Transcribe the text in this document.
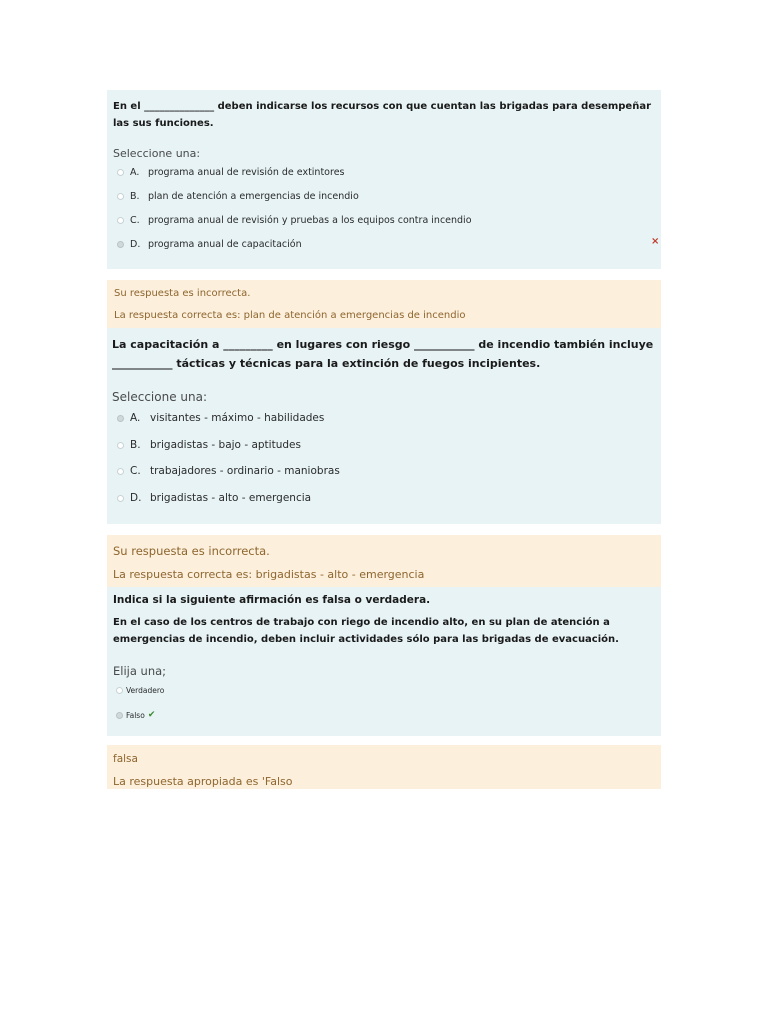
En el ______________ deben indicarse los recursos con que cuentan las brigadas para desempeñar las sus funciones.

Seleccione una:

A. programa anual de revisión de extintores
B. plan de atención a emergencias de incendio
C. programa anual de revisión y pruebas a los equipos contra incendio
D. programa anual de capacitación	×

Su respuesta es incorrecta.

La respuesta correcta es: plan de atención a emergencias de incendio

La capacitación a _________ en lugares con riesgo ___________ de incendio también incluye ___________ tácticas y técnicas para la extinción de fuegos incipientes.

Seleccione una:

A. visitantes - máximo - habilidades
B. brigadistas - bajo - aptitudes
C. trabajadores - ordinario - maniobras
D. brigadistas - alto - emergencia

Su respuesta es incorrecta.

La respuesta correcta es: brigadistas - alto - emergencia

Indica si la siguiente afirmación es falsa o verdadera.

En el caso de los centros de trabajo con riego de incendio alto, en su plan de atención a emergencias de incendio, deben incluir actividades sólo para las brigadas de evacuación.

Elija una;

Verdadero
Falso ✔

falsa

La respuesta apropiada es 'Falso
